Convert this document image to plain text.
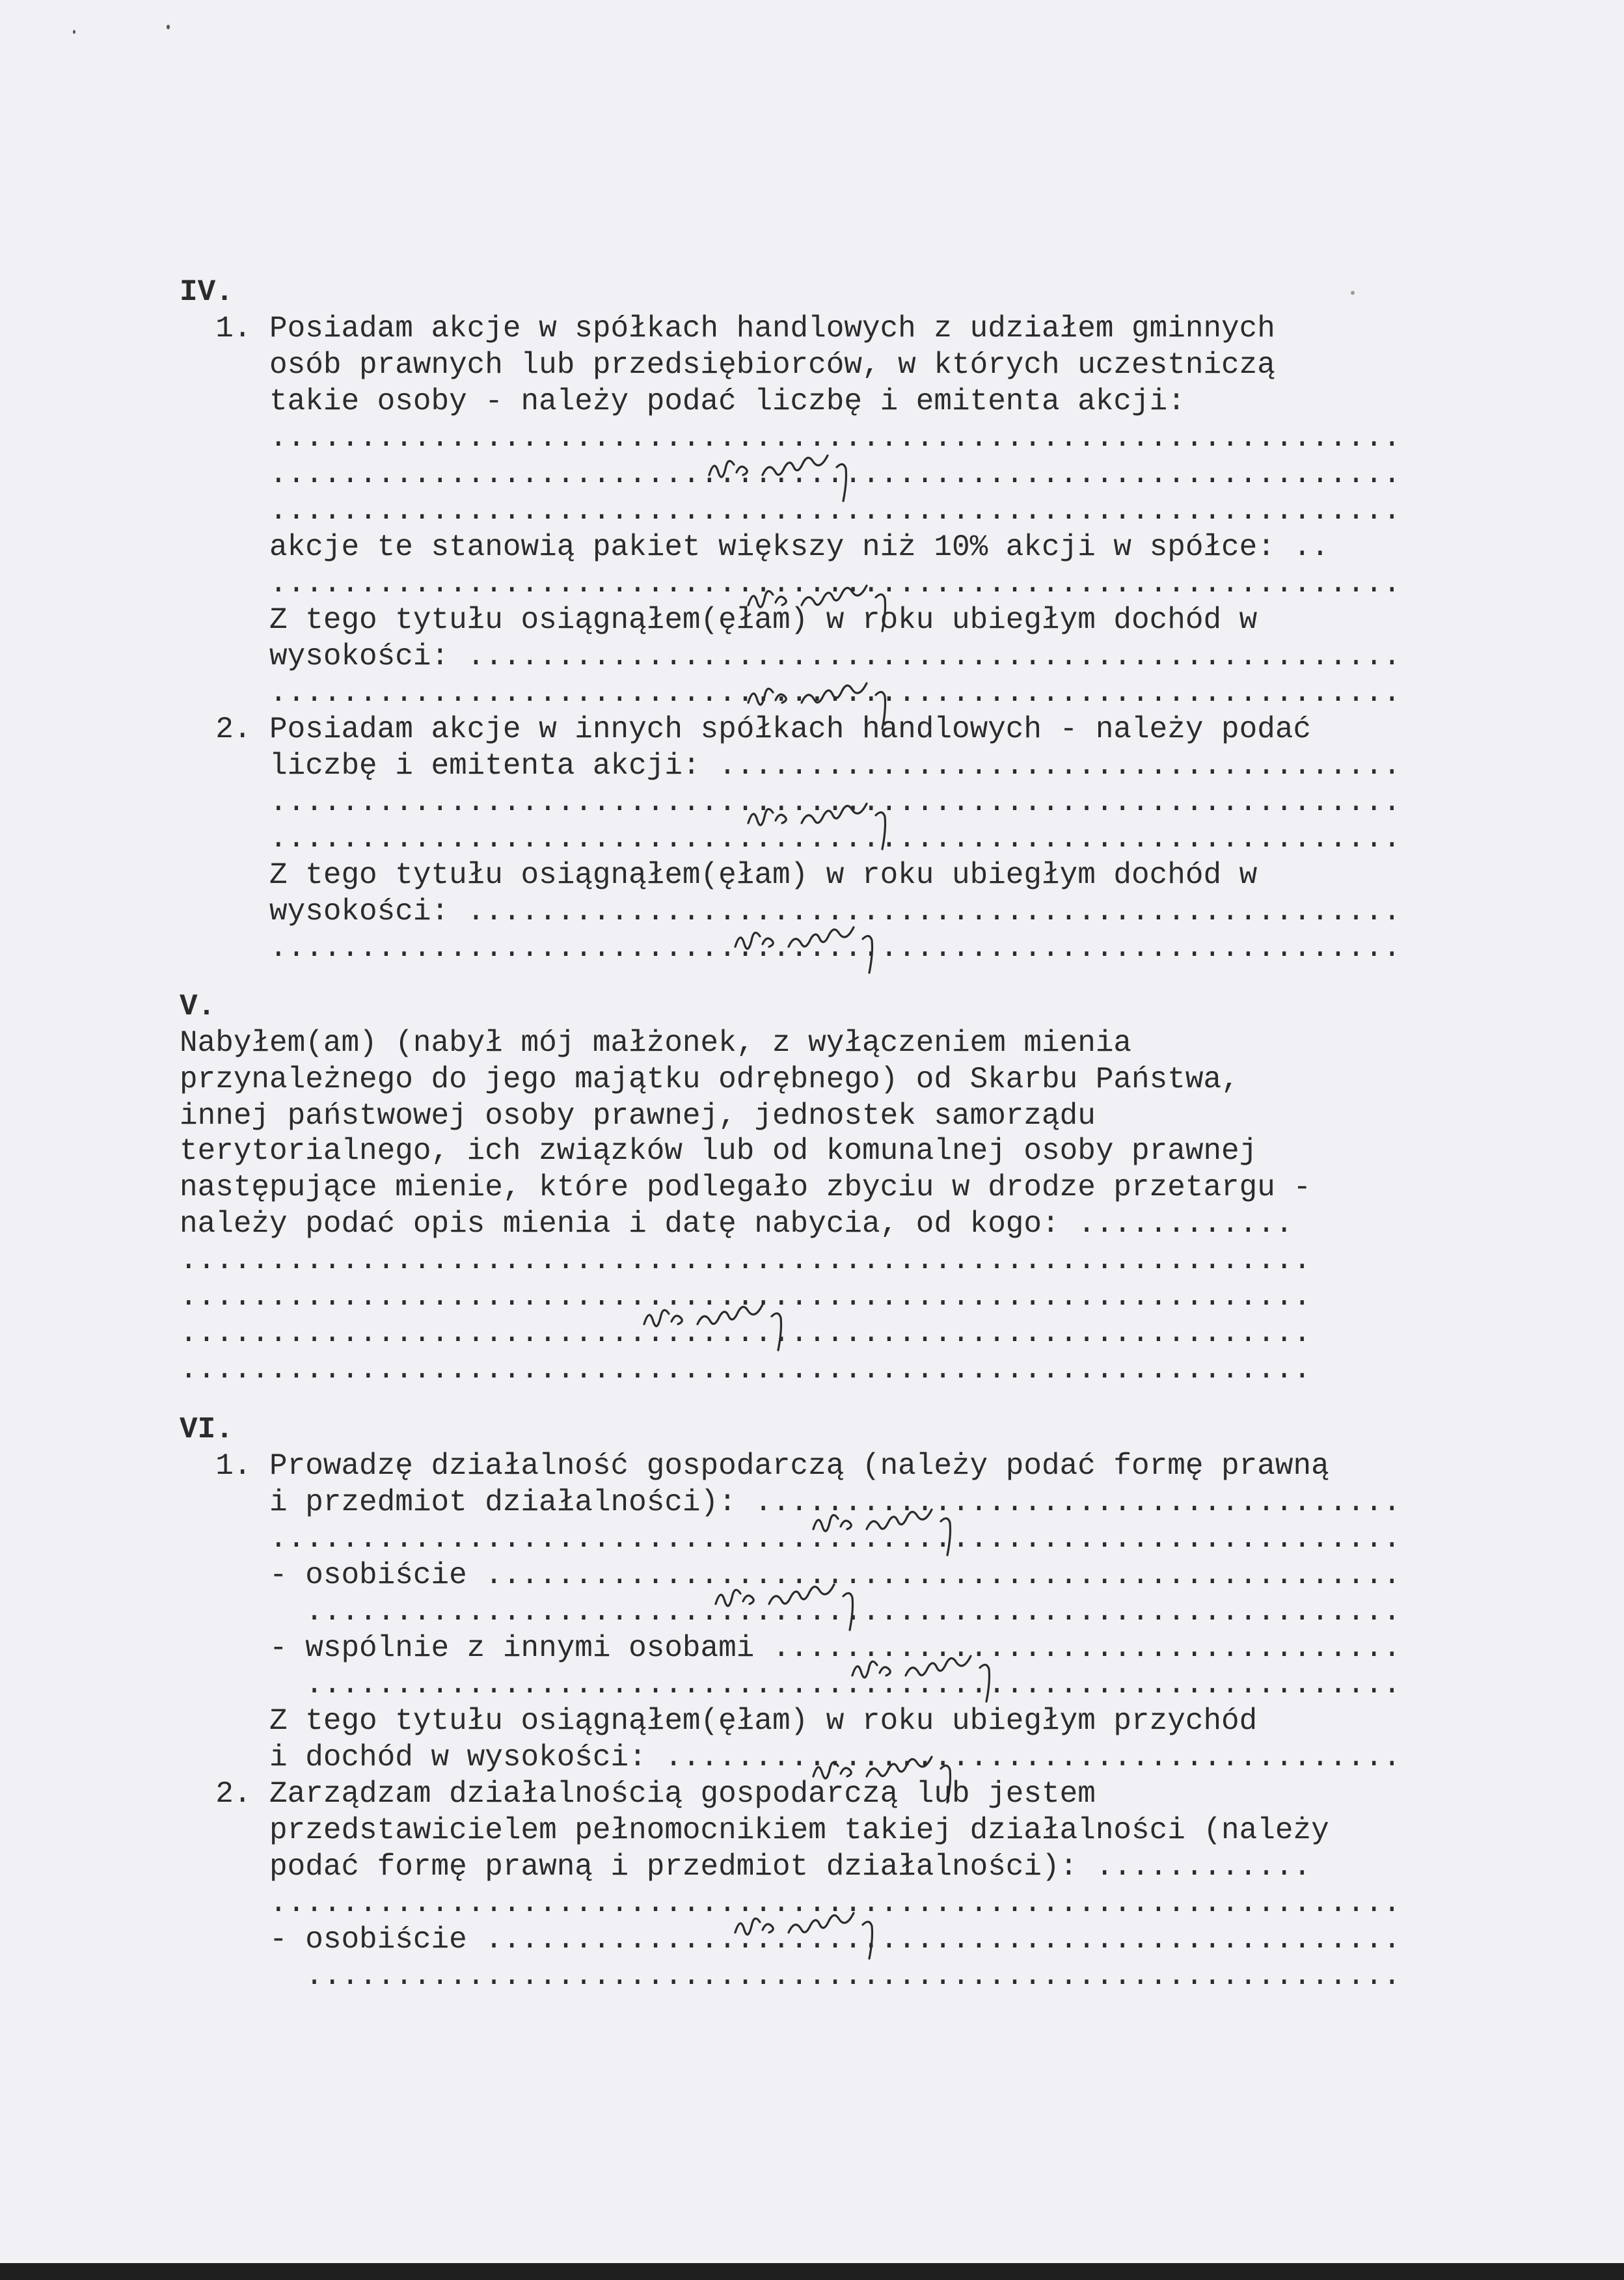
IV.
1. Posiadam akcje w spółkach handlowych z udziałem gminnych
osób prawnych lub przedsiębiorców, w których uczestniczą
takie osoby - należy podać liczbę i emitenta akcji:
...............................................................
...............................................................
...............................................................
akcje te stanowią pakiet większy niż 10% akcji w spółce: ..
...............................................................
Z tego tytułu osiągnąłem(ęłam) w roku ubiegłym dochód w
wysokości: ....................................................
...............................................................
2. Posiadam akcje w innych spółkach handlowych - należy podać
liczbę i emitenta akcji: ......................................
...............................................................
...............................................................
Z tego tytułu osiągnąłem(ęłam) w roku ubiegłym dochód w
wysokości: ....................................................
...............................................................
V.
Nabyłem(am) (nabył mój małżonek, z wyłączeniem mienia
przynależnego do jego majątku odrębnego) od Skarbu Państwa,
innej państwowej osoby prawnej, jednostek samorządu
terytorialnego, ich związków lub od komunalnej osoby prawnej
następujące mienie, które podlegało zbyciu w drodze przetargu -
należy podać opis mienia i datę nabycia, od kogo: ............
...............................................................
...............................................................
...............................................................
...............................................................
VI.
1. Prowadzę działalność gospodarczą (należy podać formę prawną
i przedmiot działalności): ....................................
...............................................................
- osobiście ...................................................
.............................................................
- wspólnie z innymi osobami ...................................
.............................................................
Z tego tytułu osiągnąłem(ęłam) w roku ubiegłym przychód
i dochód w wysokości: .........................................
2. Zarządzam działalnością gospodarczą lub jestem
przedstawicielem pełnomocnikiem takiej działalności (należy
podać formę prawną i przedmiot działalności): ............
...............................................................
- osobiście ...................................................
.............................................................
